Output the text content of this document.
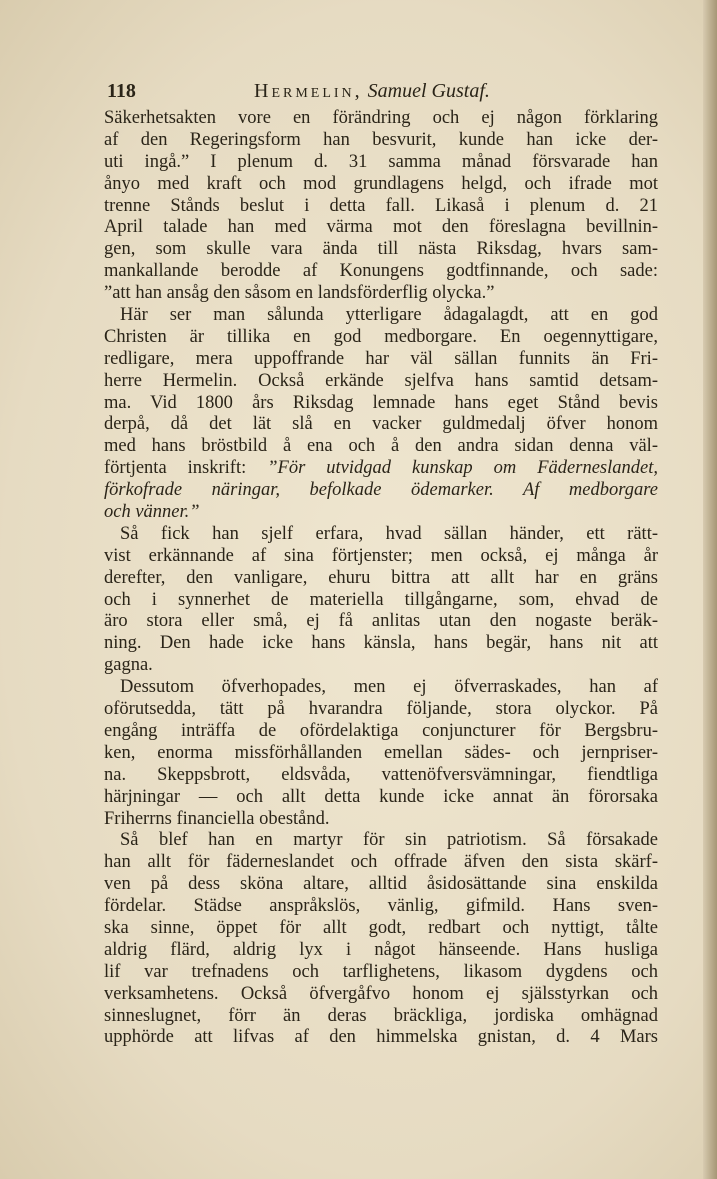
118	Hermelin, Samuel Gustaf.
Säkerhetsakten vore en förändring och ej någon förklaring
af den Regeringsform han besvurit, kunde han icke der-
uti ingå.” I plenum d. 31 samma månad försvarade han
ånyo med kraft och mod grundlagens helgd, och ifrade mot
trenne Stånds beslut i detta fall. Likaså i plenum d. 21
April talade han med värma mot den föreslagna bevillnin-
gen, som skulle vara ända till nästa Riksdag, hvars sam-
mankallande berodde af Konungens godtfinnande, och sade:
”att han ansåg den såsom en landsförderflig olycka.”
Här ser man sålunda ytterligare ådagalagdt, att en god
Christen är tillika en god medborgare. En oegennyttigare,
redligare, mera uppoffrande har väl sällan funnits än Fri-
herre Hermelin. Också erkände sjelfva hans samtid detsam-
ma. Vid 1800 års Riksdag lemnade hans eget Stånd bevis
derpå, då det lät slå en vacker guldmedalj öfver honom
med hans bröstbild å ena och å den andra sidan denna väl-
förtjenta inskrift: ”För utvidgad kunskap om Fäderneslandet,
förkofrade näringar, befolkade ödemarker. Af medborgare
och vänner.”
Så fick han sjelf erfara, hvad sällan händer, ett rätt-
vist erkännande af sina förtjenster; men också, ej många år
derefter, den vanligare, ehuru bittra att allt har en gräns
och i synnerhet de materiella tillgångarne, som, ehvad de
äro stora eller små, ej få anlitas utan den nogaste beräk-
ning. Den hade icke hans känsla, hans begär, hans nit att
gagna.
Dessutom öfverhopades, men ej öfverraskades, han af
oförutsedda, tätt på hvarandra följande, stora olyckor. På
engång inträffa de ofördelaktiga conjuncturer för Bergsbru-
ken, enorma missförhållanden emellan sädes- och jernpriser-
na. Skeppsbrott, eldsvåda, vattenöfversvämningar, fiendtliga
härjningar — och allt detta kunde icke annat än förorsaka
Friherrns financiella obestånd.
Så blef han en martyr för sin patriotism. Så försakade
han allt för fäderneslandet och offrade äfven den sista skärf-
ven på dess sköna altare, alltid åsidosättande sina enskilda
fördelar. Städse anspråkslös, vänlig, gifmild. Hans sven-
ska sinne, öppet för allt godt, redbart och nyttigt, tålte
aldrig flärd, aldrig lyx i något hänseende. Hans husliga
lif var trefnadens och tarflighetens, likasom dygdens och
verksamhetens. Också öfvergåfvo honom ej själsstyrkan och
sinneslugnet, förr än deras bräckliga, jordiska omhägnad
upphörde att lifvas af den himmelska gnistan, d. 4 Mars
